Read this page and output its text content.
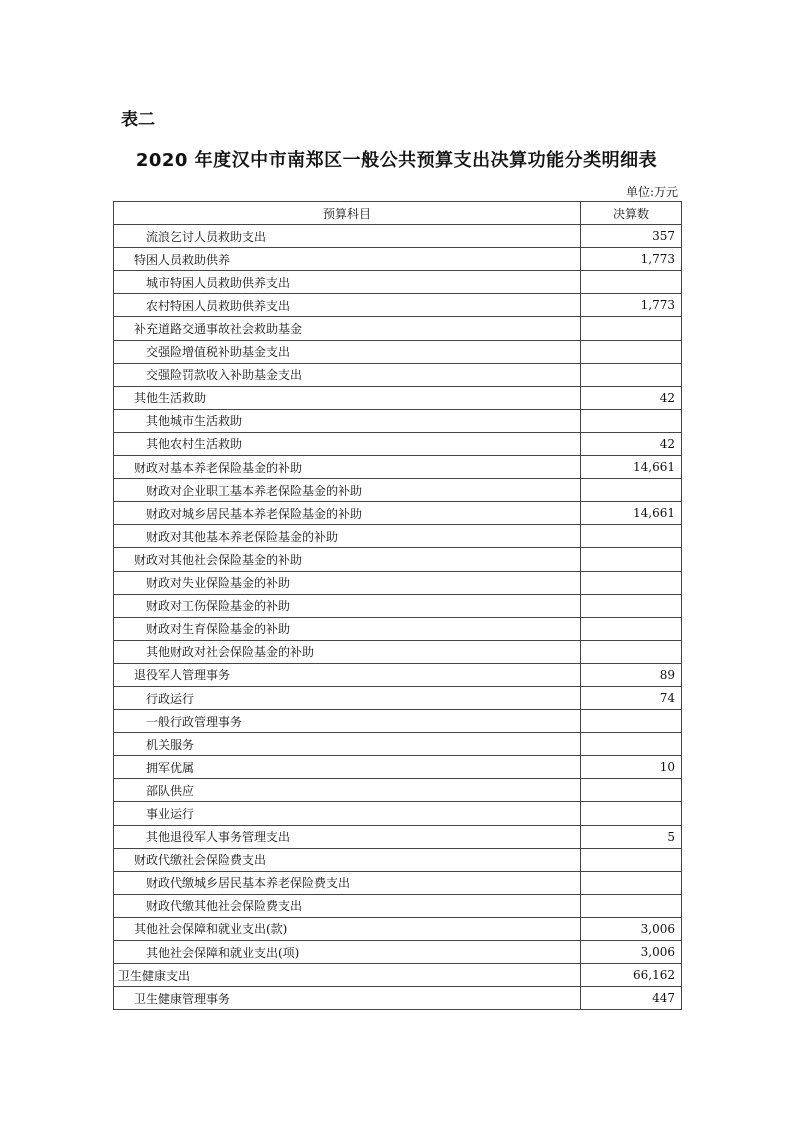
表二
2020 年度汉中市南郑区一般公共预算支出决算功能分类明细表
单位:万元
预算科目	决算数
流浪乞讨人员救助支出	357
特困人员救助供养	1,773
城市特困人员救助供养支出	
农村特困人员救助供养支出	1,773
补充道路交通事故社会救助基金	
交强险增值税补助基金支出	
交强险罚款收入补助基金支出	
其他生活救助	42
其他城市生活救助	
其他农村生活救助	42
财政对基本养老保险基金的补助	14,661
财政对企业职工基本养老保险基金的补助	
财政对城乡居民基本养老保险基金的补助	14,661
财政对其他基本养老保险基金的补助	
财政对其他社会保险基金的补助	
财政对失业保险基金的补助	
财政对工伤保险基金的补助	
财政对生育保险基金的补助	
其他财政对社会保险基金的补助	
退役军人管理事务	89
行政运行	74
一般行政管理事务	
机关服务	
拥军优属	10
部队供应	
事业运行	
其他退役军人事务管理支出	5
财政代缴社会保险费支出	
财政代缴城乡居民基本养老保险费支出	
财政代缴其他社会保险费支出	
其他社会保障和就业支出(款)	3,006
其他社会保障和就业支出(项)	3,006
卫生健康支出	66,162
卫生健康管理事务	447
